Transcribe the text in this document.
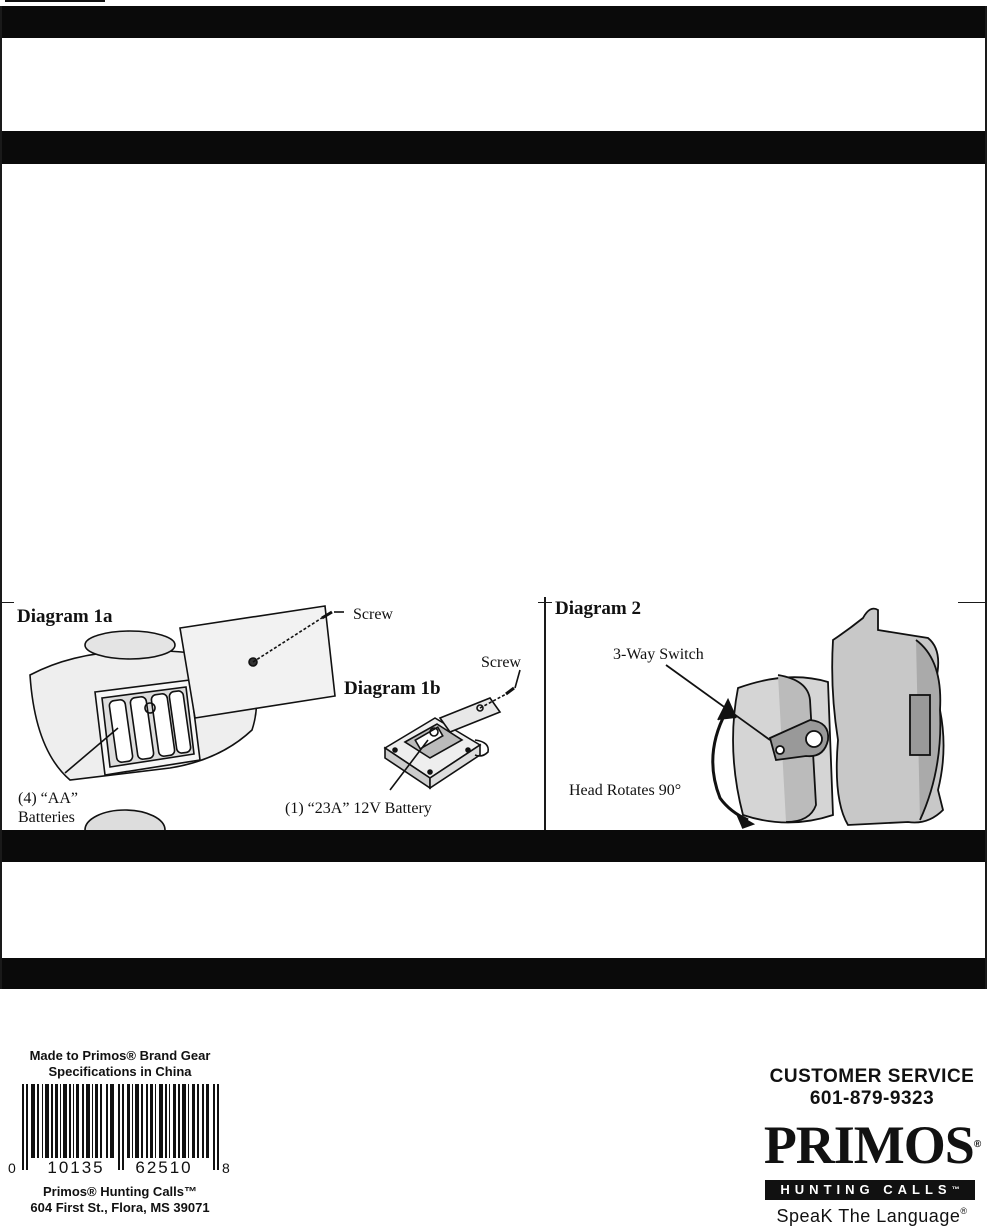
Diagram 1a	Screw
Diagram 1b
Screw
(4) “AA”
Batteries
(1) “23A” 12V Battery
Diagram 2
3-Way Switch
Head Rotates 90°
Made to Primos® Brand Gear
Specifications in China
0	10135	62510	8
Primos® Hunting Calls™
604 First St., Flora, MS 39071
CUSTOMER SERVICE
601-879-9323
PRIMOS®
HUNTING CALLS™
SpeaK The Language®
